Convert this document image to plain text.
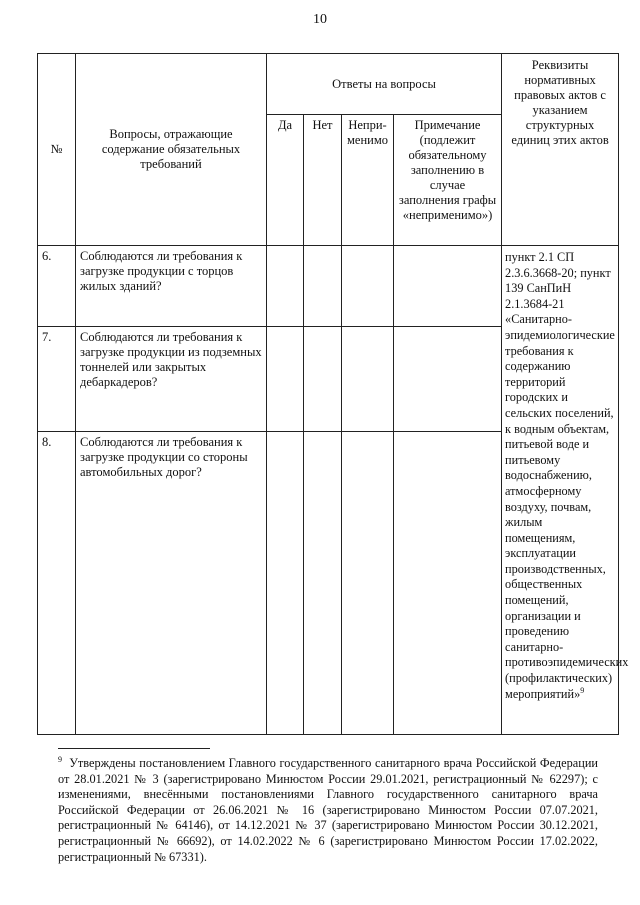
10
№	Вопросы, отражающие содержание обязательных требований	Ответы на вопросы				Реквизиты нормативных правовых актов с указанием структурных единиц этих актов
		Да	Нет	Непри-
менимо	Примечание (подлежит обязательному заполнению в случае заполнения графы «неприменимо»)	
6.	Соблюдаются ли требования к загрузке продукции с торцов жилых зданий?					пункт 2.1 СП 2.3.6.3668-20; пункт 139 СанПиН 2.1.3684-21 «Санитарно-эпидемиологические требования к содержанию территорий городских и сельских поселений, к водным объектам, питьевой воде и питьевому водоснабжению, атмосферному воздуху, почвам, жилым помещениям, эксплуатации производственных, общественных помещений, организации и проведению санитарно-противоэпидемических (профилактических) мероприятий»$^9$
7.	Соблюдаются ли требования к загрузке продукции из подземных тоннелей или закрытых дебаркадеров?					
8.	Соблюдаются ли требования к загрузке продукции со стороны автомобильных дорог?					
$^9$ Утверждены постановлением Главного государственного санитарного врача Российской Федерации от 28.01.2021 № 3 (зарегистрировано Минюстом России 29.01.2021, регистрационный № 62297); с изменениями, внесёнными постановлениями Главного государственного санитарного врача Российской Федерации от 26.06.2021 № 16 (зарегистрировано Минюстом России 07.07.2021, регистрационный № 64146), от 14.12.2021 № 37 (зарегистрировано Минюстом России 30.12.2021, регистрационный № 66692), от 14.02.2022 № 6 (зарегистрировано Минюстом России 17.02.2022, регистрационный № 67331).
